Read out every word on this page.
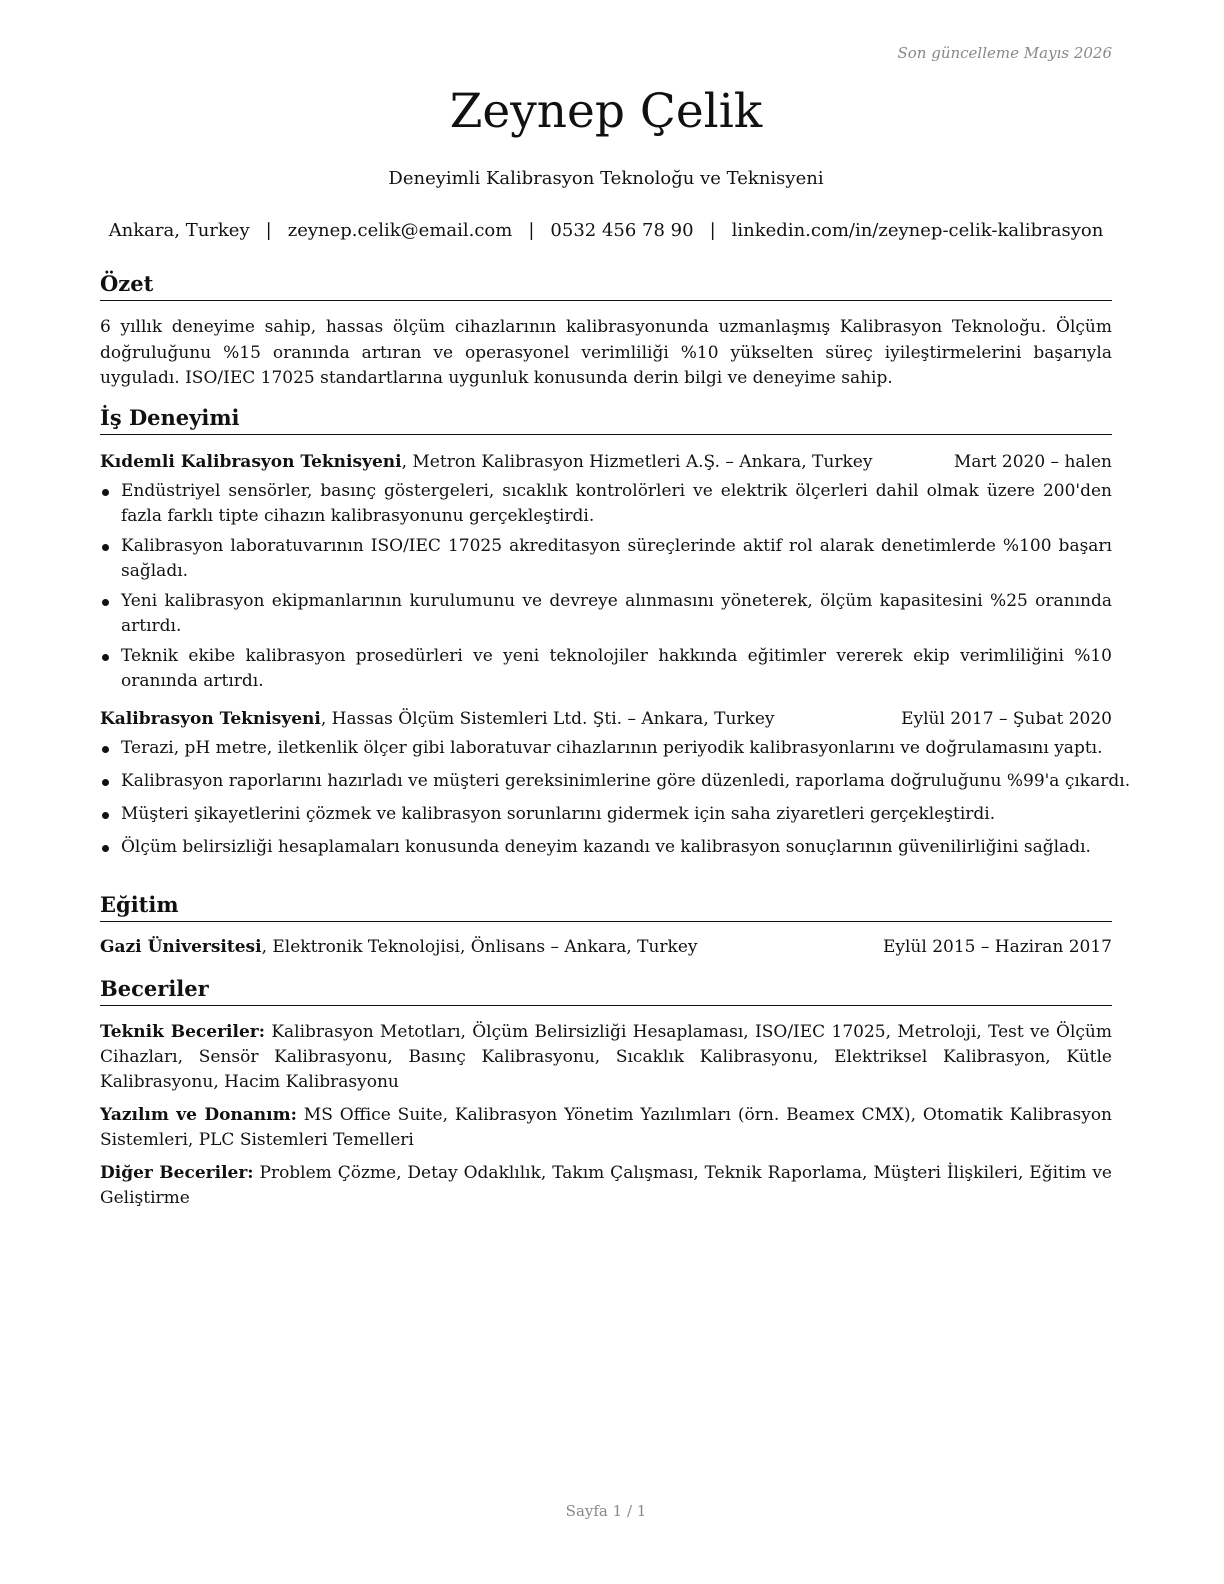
Son güncelleme Mayıs 2026
Zeynep Çelik
Deneyimli Kalibrasyon Teknoloğu ve Teknisyeni
Ankara, Turkey | zeynep.celik@email.com | 0532 456 78 90 | linkedin.com/in/zeynep-celik-kalibrasyon
Özet
6 yıllık deneyime sahip, hassas ölçüm cihazlarının kalibrasyonunda uzmanlaşmış Kalibrasyon Teknoloğu. Ölçüm doğruluğunu %15 oranında artıran ve operasyonel verimliliği %10 yükselten süreç iyileştirmelerini başarıyla uyguladı. ISO/IEC 17025 standartlarına uygunluk konusunda derin bilgi ve deneyime sahip.
İş Deneyimi
Kıdemli Kalibrasyon Teknisyeni, Metron Kalibrasyon Hizmetleri A.Ş. – Ankara, Turkey	Mart 2020 – halen
Endüstriyel sensörler, basınç göstergeleri, sıcaklık kontrolörleri ve elektrik ölçerleri dahil olmak üzere 200'den fazla farklı tipte cihazın kalibrasyonunu gerçekleştirdi.
Kalibrasyon laboratuvarının ISO/IEC 17025 akreditasyon süreçlerinde aktif rol alarak denetimlerde %100 başarı sağladı.
Yeni kalibrasyon ekipmanlarının kurulumunu ve devreye alınmasını yöneterek, ölçüm kapasitesini %25 oranında artırdı.
Teknik ekibe kalibrasyon prosedürleri ve yeni teknolojiler hakkında eğitimler vererek ekip verimliliğini %10 oranında artırdı.
Kalibrasyon Teknisyeni, Hassas Ölçüm Sistemleri Ltd. Şti. – Ankara, Turkey	Eylül 2017 – Şubat 2020
Terazi, pH metre, iletkenlik ölçer gibi laboratuvar cihazlarının periyodik kalibrasyonlarını ve doğrulamasını yaptı.
Kalibrasyon raporlarını hazırladı ve müşteri gereksinimlerine göre düzenledi, raporlama doğruluğunu %99'a çıkardı.
Müşteri şikayetlerini çözmek ve kalibrasyon sorunlarını gidermek için saha ziyaretleri gerçekleştirdi.
Ölçüm belirsizliği hesaplamaları konusunda deneyim kazandı ve kalibrasyon sonuçlarının güvenilirliğini sağladı.
Eğitim
Gazi Üniversitesi, Elektronik Teknolojisi, Önlisans – Ankara, Turkey	Eylül 2015 – Haziran 2017
Beceriler
Teknik Beceriler: Kalibrasyon Metotları, Ölçüm Belirsizliği Hesaplaması, ISO/IEC 17025, Metroloji, Test ve Ölçüm Cihazları, Sensör Kalibrasyonu, Basınç Kalibrasyonu, Sıcaklık Kalibrasyonu, Elektriksel Kalibrasyon, Kütle Kalibrasyonu, Hacim Kalibrasyonu
Yazılım ve Donanım: MS Office Suite, Kalibrasyon Yönetim Yazılımları (örn. Beamex CMX), Otomatik Kalibrasyon Sistemleri, PLC Sistemleri Temelleri
Diğer Beceriler: Problem Çözme, Detay Odaklılık, Takım Çalışması, Teknik Raporlama, Müşteri İlişkileri, Eğitim ve Geliştirme
Sayfa 1 / 1
